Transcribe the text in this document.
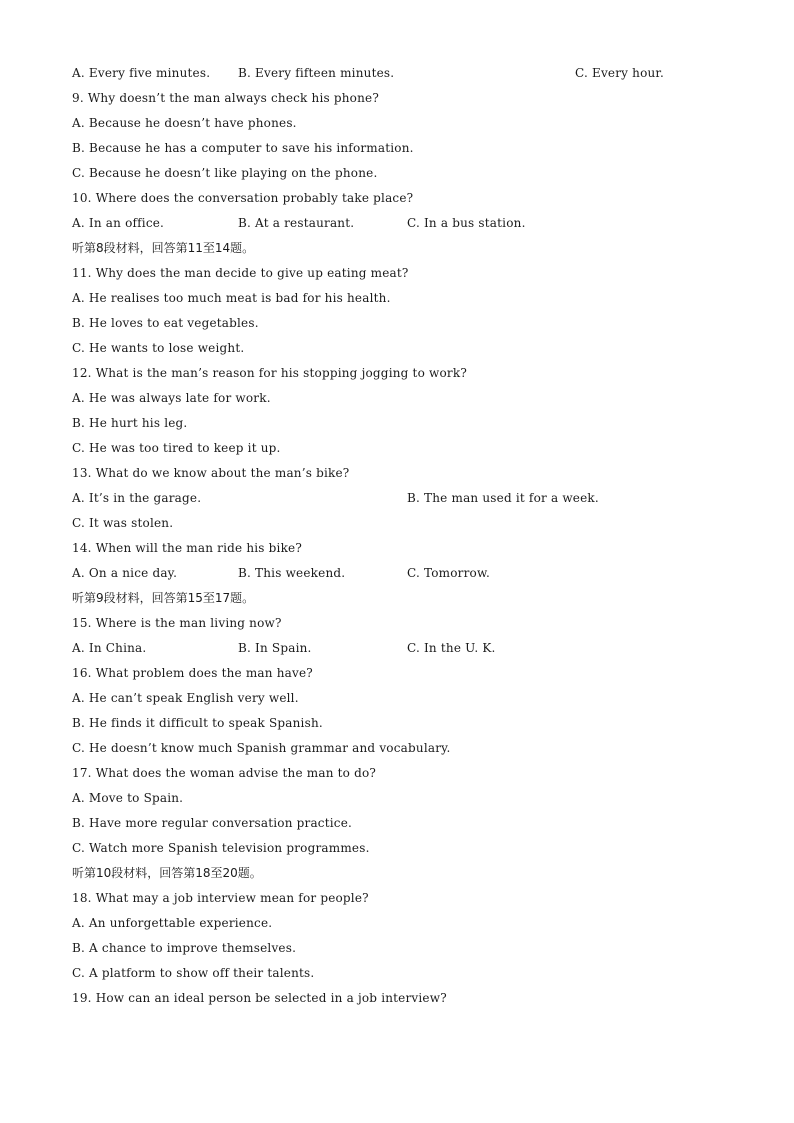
A. Every five minutes. B. Every fifteen minutes.	C. Every hour.
9. Why doesn’t the man always check his phone?
A. Because he doesn’t have phones.
B. Because he has a computer to save his information.
C. Because he doesn’t like playing on the phone.
10. Where does the conversation probably take place?
A. In an office.	B. At a restaurant.	C. In a bus station.
听第8段材料，回答第11至14题。
11. Why does the man decide to give up eating meat?
A. He realises too much meat is bad for his health.
B. He loves to eat vegetables.
C. He wants to lose weight.
12. What is the man’s reason for his stopping jogging to work?
A. He was always late for work.
B. He hurt his leg.
C. He was too tired to keep it up.
13. What do we know about the man’s bike?
A. It’s in the garage.	B. The man used it for a week.
C. It was stolen.
14. When will the man ride his bike?
A. On a nice day.	B. This weekend.	C. Tomorrow.
听第9段材料，回答第15至17题。
15. Where is the man living now?
A. In China.	B. In Spain.	C. In the U. K.
16. What problem does the man have?
A. He can’t speak English very well.
B. He finds it difficult to speak Spanish.
C. He doesn’t know much Spanish grammar and vocabulary.
17. What does the woman advise the man to do?
A. Move to Spain.
B. Have more regular conversation practice.
C. Watch more Spanish television programmes.
听第10段材料，回答第18至20题。
18. What may a job interview mean for people?
A. An unforgettable experience.
B. A chance to improve themselves.
C. A platform to show off their talents.
19. How can an ideal person be selected in a job interview?
